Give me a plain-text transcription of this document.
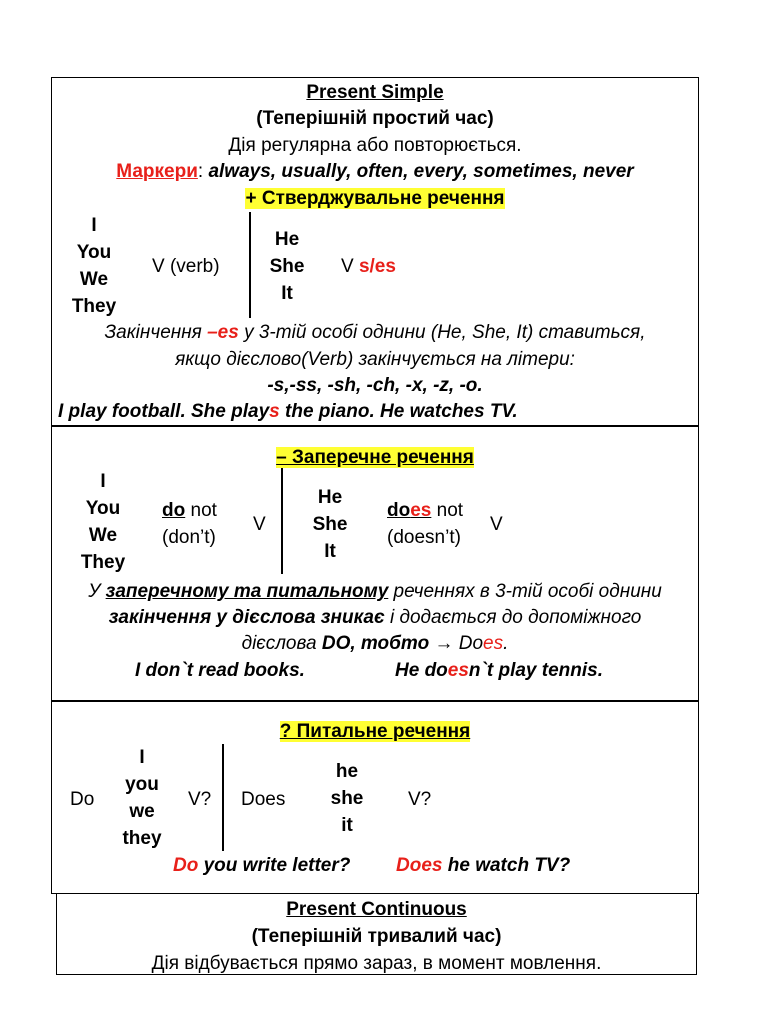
Present Simple
(Теперішній простий час)
Дія регулярна або повторюється.
Маркери: always, usually, often, every, sometimes, never
+ Стверджувальне речення
I
You
We
They
V (verb)
He
She
It
V s/es
Закінчення –es у 3-тій особі однини (He, She, It) ставиться,
якщо дієслово(Verb) закінчується на літери:
-s,-ss, -sh, -ch, -x, -z, -o.
I play football. She plays the piano. He watches TV.
– Заперечне речення
I
You
We
They
do not
(don’t)
V
He
She
It
does not
(doesn’t)
V
У заперечному та питальному реченнях в 3-тій особі однини
закінчення у дієслова зникає і додається до допоміжного
дієслова DO, тобто → Does.
I don`t read books.	He doesn`t play tennis.
? Питальне речення
Do
I
you
we
they
V? Does
he
she
it
V?
Do you write letter? Does he watch TV?
Present Continuous
(Теперішній тривалий час)
Дія відбувається прямо зараз, в момент мовлення.
